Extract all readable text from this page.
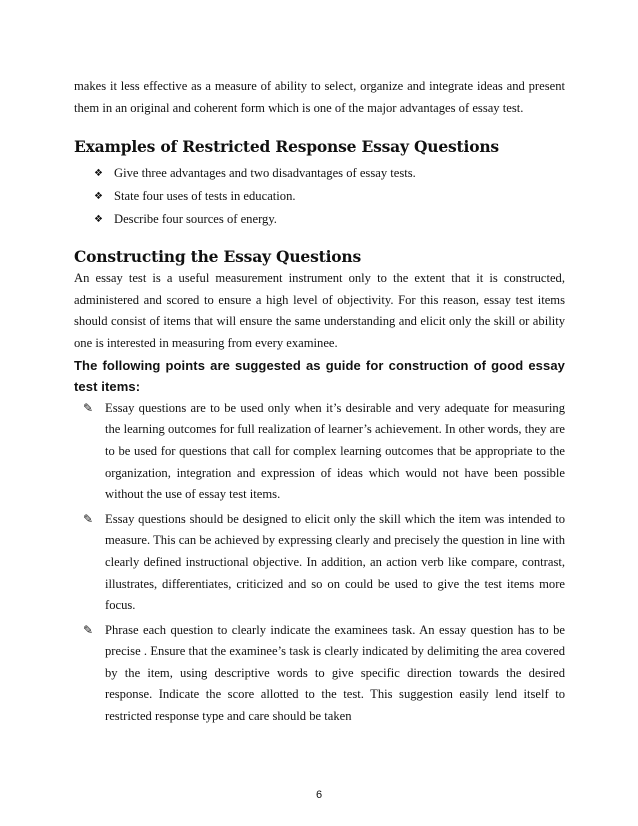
makes it less effective as a measure of ability to select, organize and integrate ideas and present them in an original and coherent form which is one of the major advantages of essay test.

Examples of Restricted Response Essay Questions
❖ Give three advantages and two disadvantages of essay tests.
❖ State four uses of tests in education.
❖ Describe four sources of energy.
Constructing the Essay Questions

An essay test is a useful measurement instrument only to the extent that it is constructed, administered and scored to ensure a high level of objectivity. For this reason, essay test items should consist of items that will ensure the same understanding and elicit only the skill or ability one is interested in measuring from every examinee.

The following points are suggested as guide for construction of good essay test items:

✎ Essay questions are to be used only when it’s desirable and very adequate for measuring the learning outcomes for full realization of learner’s achievement. In other words, they are to be used for questions that call for complex learning outcomes that be appropriate to the organization, integration and expression of ideas which would not have been possible without the use of essay test items.
✎ Essay questions should be designed to elicit only the skill which the item was intended to measure. This can be achieved by expressing clearly and precisely the question in line with clearly defined instructional objective. In addition, an action verb like compare, contrast, illustrates, differentiates, criticized and so on could be used to give the test items more focus.
✎ Phrase each question to clearly indicate the examinees task. An essay question has to be precise . Ensure that the examinee’s task is clearly indicated by delimiting the area covered by the item, using descriptive words to give specific direction towards the desired response. Indicate the score allotted to the test. This suggestion easily lend itself to restricted response type and care should be taken
6
